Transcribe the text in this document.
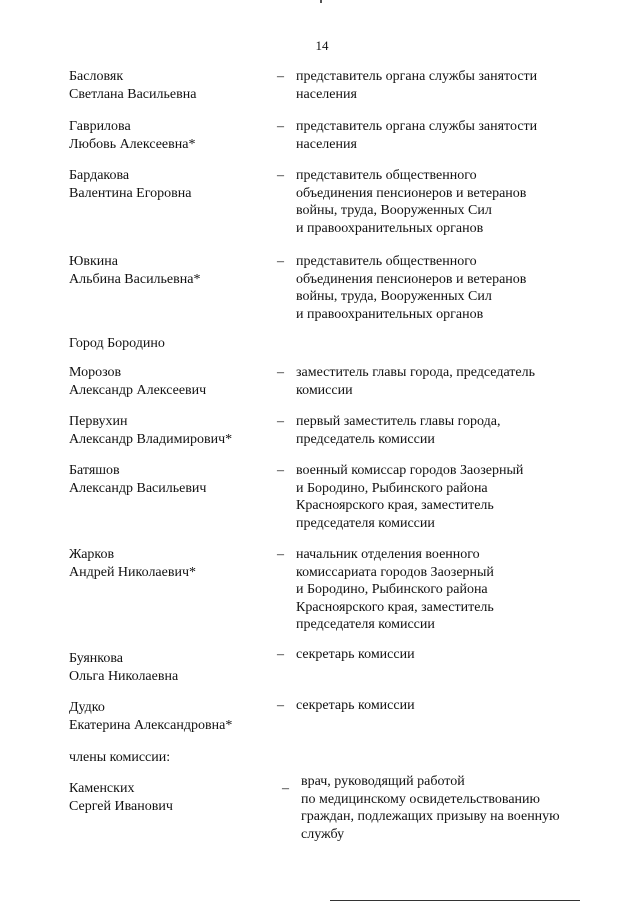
14
Басловяк
Светлана Васильевна
– представитель органа службы занятости
населения
Гаврилова
Любовь Алексеевна*
– представитель органа службы занятости
населения
Бардакова
Валентина Егоровна
– представитель общественного
объединения пенсионеров и ветеранов
войны, труда, Вооруженных Сил
и правоохранительных органов
Ювкина
Альбина Васильевна*
– представитель общественного
объединения пенсионеров и ветеранов
войны, труда, Вооруженных Сил
и правоохранительных органов
Город Бородино
Морозов
Александр Алексеевич
– заместитель главы города, председатель
комиссии
Первухин
Александр Владимирович*
– первый заместитель главы города,
председатель комиссии
Батяшов
Александр Васильевич
– военный комиссар городов Заозерный
и Бородино, Рыбинского района
Красноярского края, заместитель
председателя комиссии
Жарков
Андрей Николаевич*
– начальник отделения военного
комиссариата городов Заозерный
и Бородино, Рыбинского района
Красноярского края, заместитель
председателя комиссии
Буянкова
Ольга Николаевна
– секретарь комиссии
Дудко
Екатерина Александровна*
– секретарь комиссии
члены комиссии:
Каменских
Сергей Иванович
– врач, руководящий работой
по медицинскому освидетельствованию
граждан, подлежащих призыву на военную
службу
